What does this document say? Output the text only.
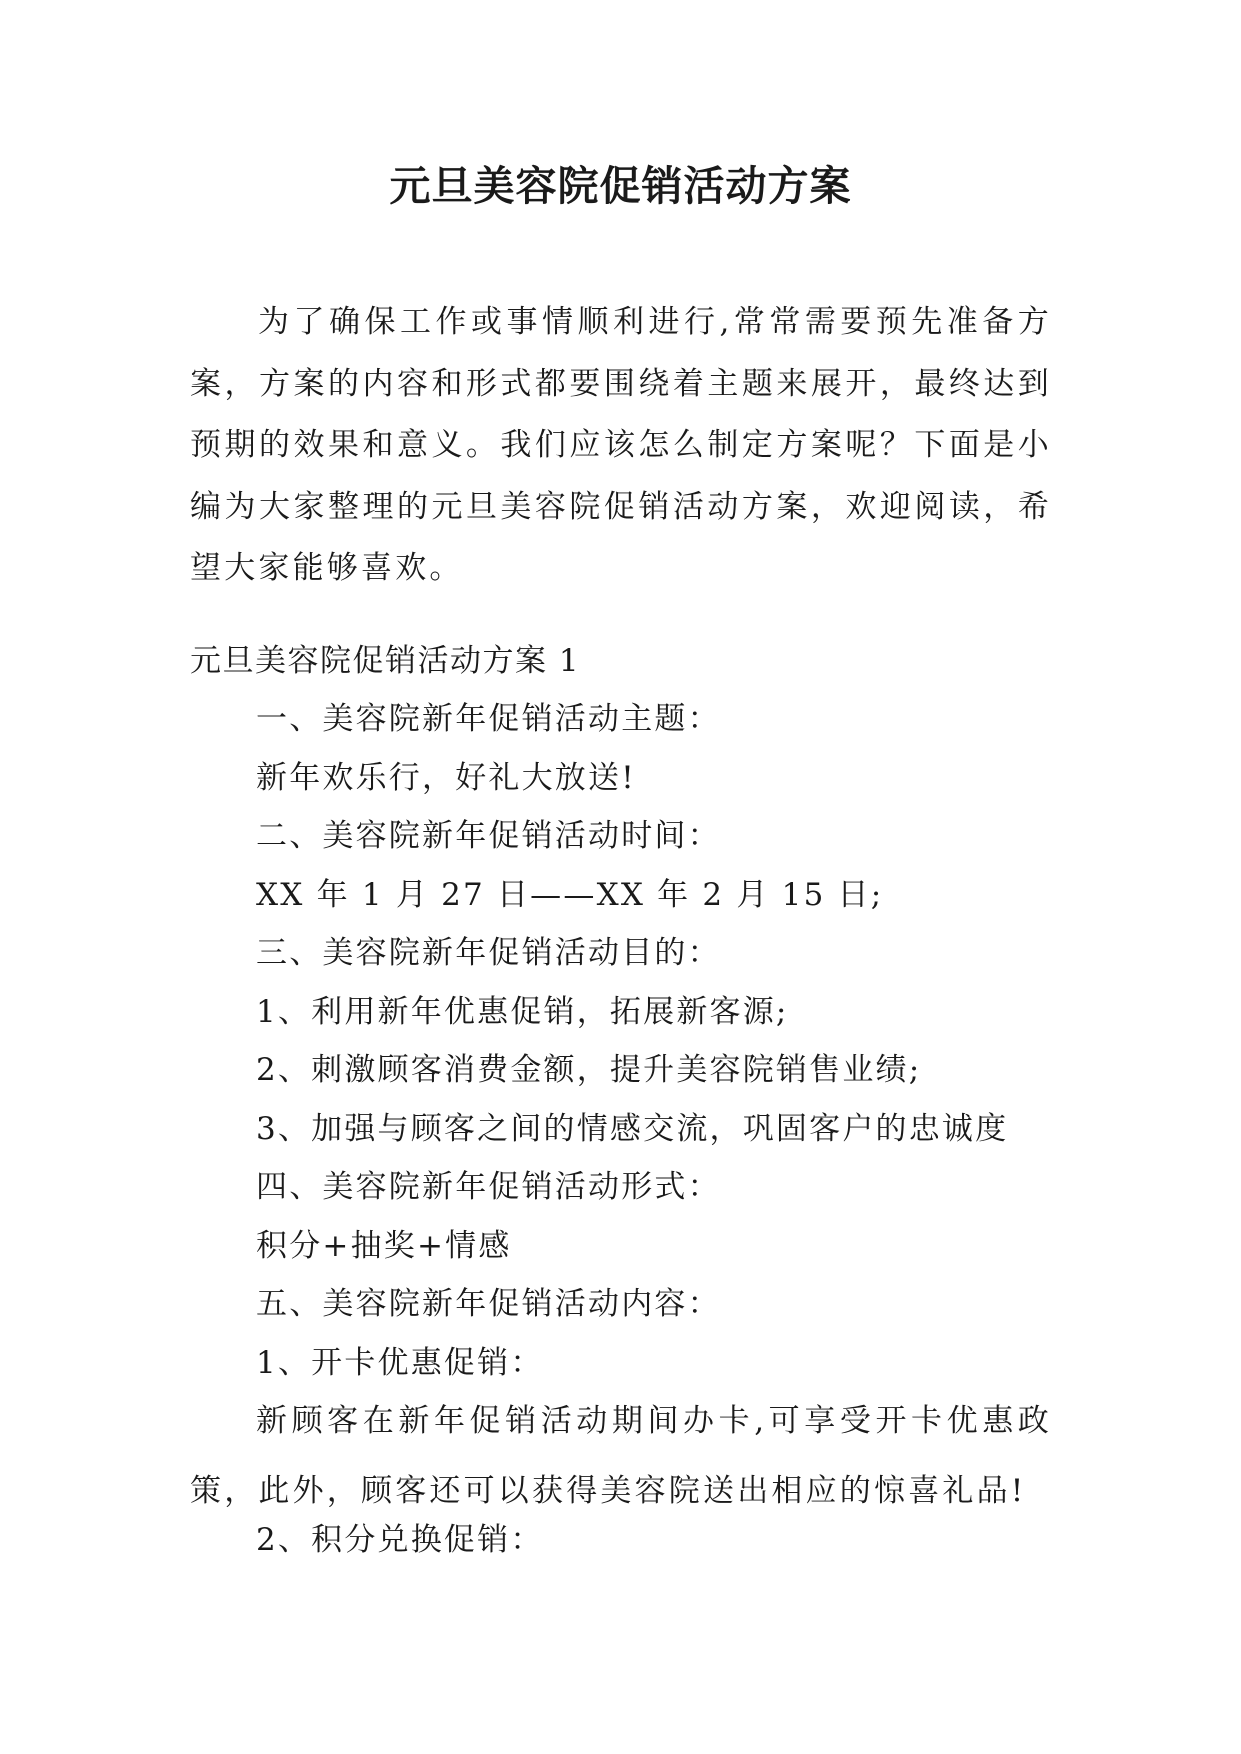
元旦美容院促销活动方案

为了确保工作或事情顺利进行,常常需要预先准备方案，方案的内容和形式都要围绕着主题来展开，最终达到预期的效果和意义。我们应该怎么制定方案呢？下面是小编为大家整理的元旦美容院促销活动方案，欢迎阅读，希望大家能够喜欢。

元旦美容院促销活动方案 1

一、美容院新年促销活动主题：

新年欢乐行，好礼大放送!

二、美容院新年促销活动时间：

XX 年 1 月 27 日——XX 年 2 月 15 日;

三、美容院新年促销活动目的：

1、利用新年优惠促销，拓展新客源;

2、刺激顾客消费金额，提升美容院销售业绩;

3、加强与顾客之间的情感交流，巩固客户的忠诚度

四、美容院新年促销活动形式：

积分+抽奖+情感

五、美容院新年促销活动内容：

1、开卡优惠促销：

新顾客在新年促销活动期间办卡,可享受开卡优惠政策，此外，顾客还可以获得美容院送出相应的惊喜礼品!

2、积分兑换促销：
